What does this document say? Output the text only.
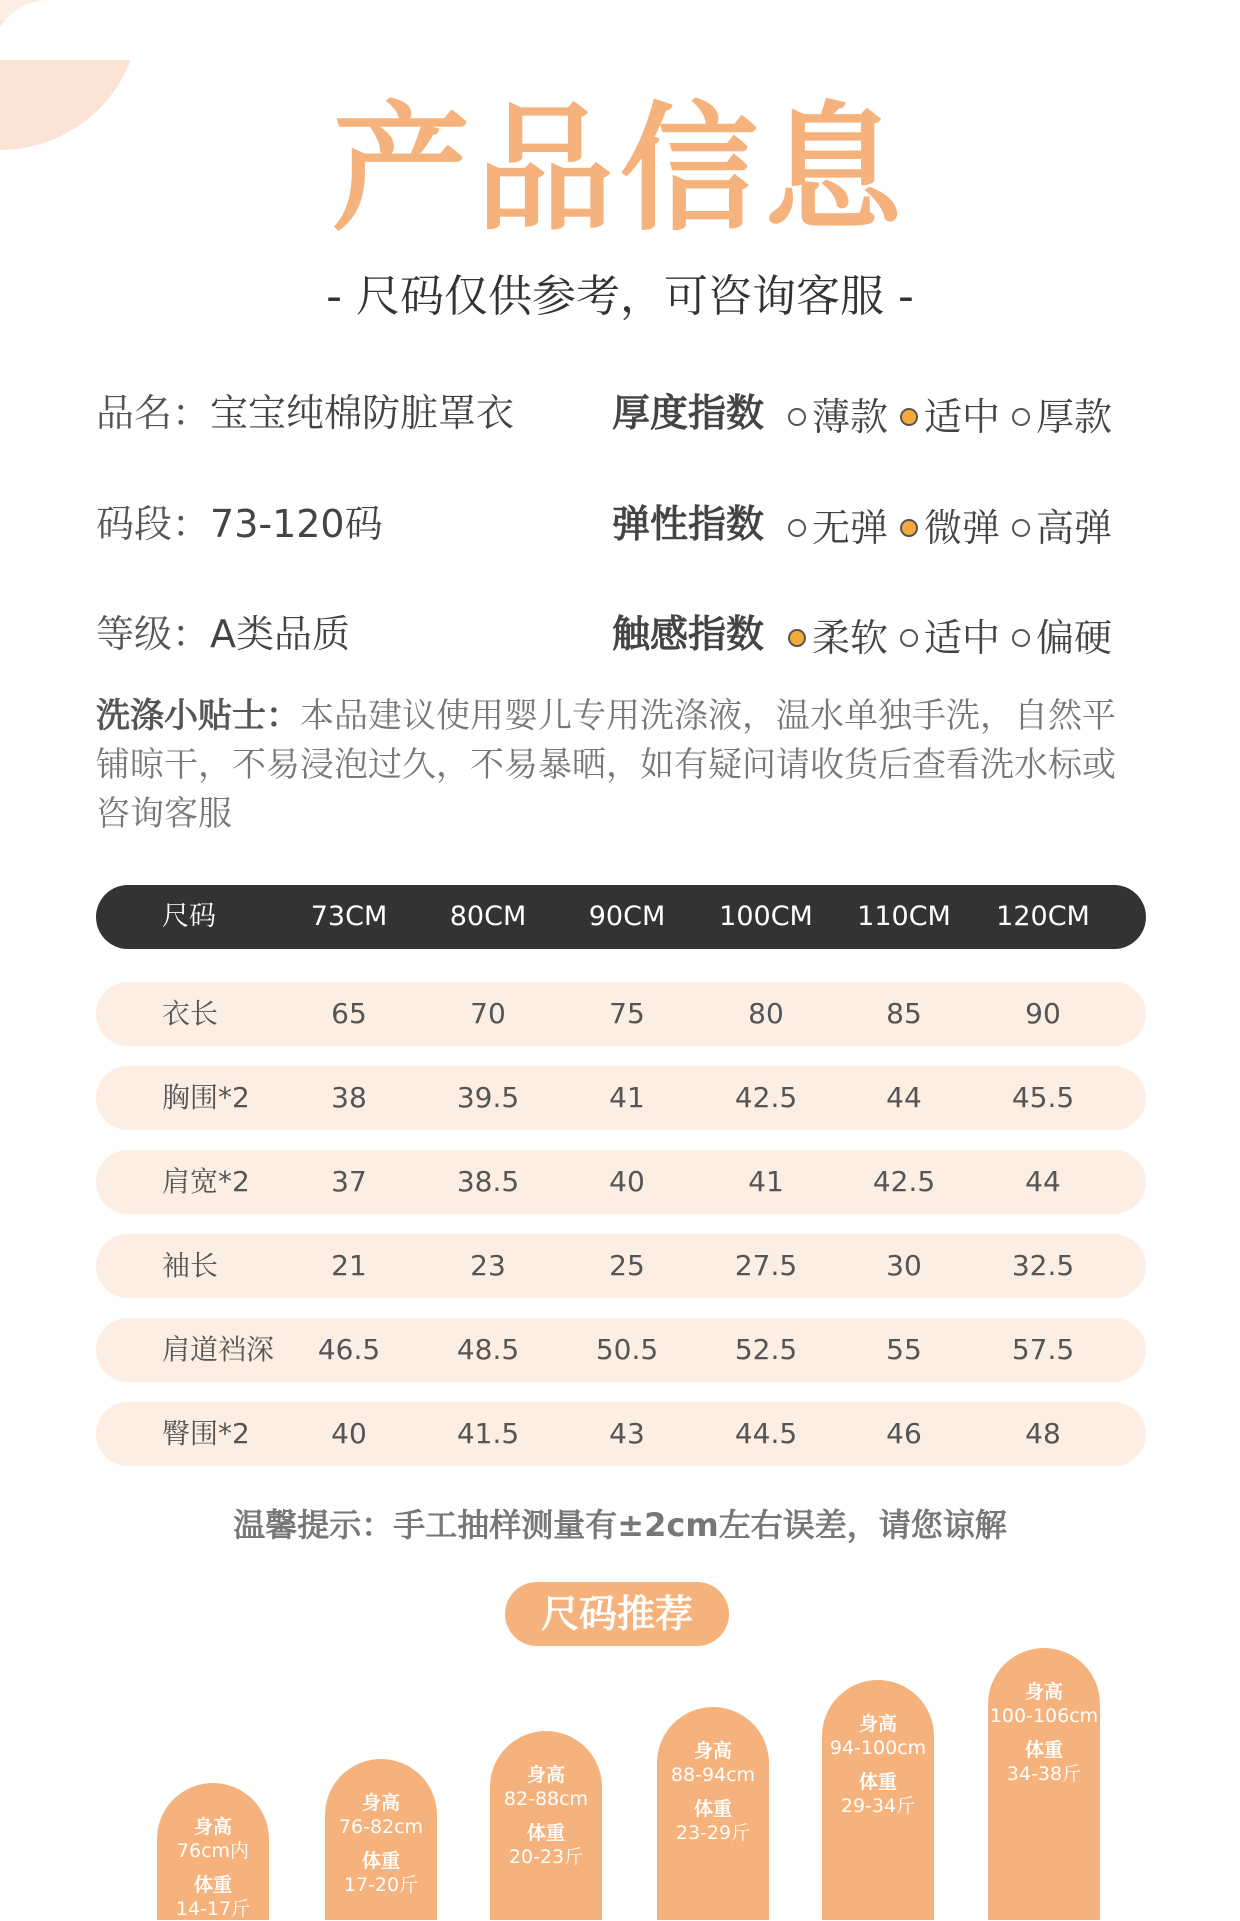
产品信息
- 尺码仅供参考，可咨询客服 -
品名：宝宝纯棉防脏罩衣
码段：73-120码
等级：A类品质
厚度指数 薄款 适中 厚款
弹性指数 无弹 微弹 高弹
触感指数 柔软 适中 偏硬
洗涤小贴士：本品建议使用婴儿专用洗涤液，温水单独手洗，自然平铺晾干，不易浸泡过久，不易暴晒，如有疑问请收货后查看洗水标或咨询客服
尺码	73CM	80CM	90CM	100CM	110CM	120CM
衣长	65	70	75	80	85	90
胸围*2	38	39.5	41	42.5	44	45.5
肩宽*2	37	38.5	40	41	42.5	44
袖长	21	23	25	27.5	30	32.5
肩道裆深	46.5	48.5	50.5	52.5	55	57.5
臀围*2	40	41.5	43	44.5	46	48
温馨提示：手工抽样测量有±2cm左右误差，请您谅解
尺码推荐
身高
76cm内
体重
14-17斤
身高
76-82cm
体重
17-20斤
身高
82-88cm
体重
20-23斤
身高
88-94cm
体重
23-29斤
身高
94-100cm
体重
29-34斤
身高
100-106cm
体重
34-38斤
